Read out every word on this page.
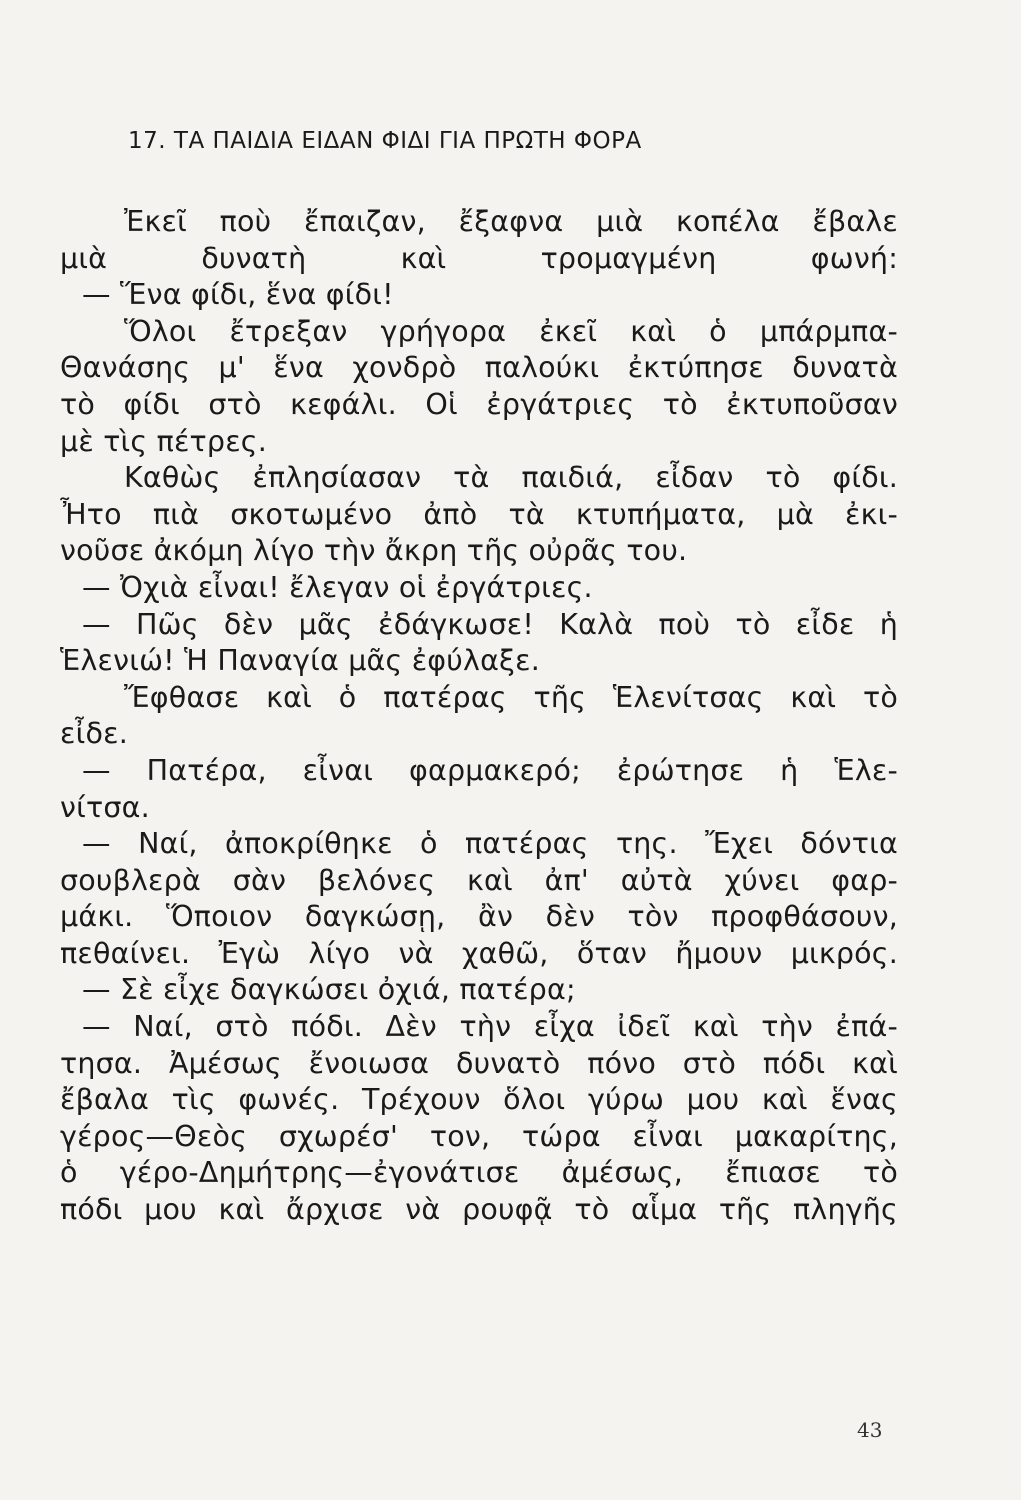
17. ΤΑ ΠΑΙΔΙΑ ΕΙΔΑΝ ΦΙΔΙ ΓΙΑ ΠΡΩΤΗ ΦΟΡΑ
Ἐκεῖ ποὺ ἔπαιζαν, ἔξαφνα μιὰ κοπέλα ἔβαλε
μιὰ δυνατὴ καὶ τρομαγμένη φωνή:
— Ἕνα φίδι, ἕνα φίδι!
Ὅλοι ἔτρεξαν γρήγορα ἐκεῖ καὶ ὁ μπάρμπα-
Θανάσης μ' ἕνα χονδρὸ παλούκι ἐκτύπησε δυνατὰ
τὸ φίδι στὸ κεφάλι. Οἱ ἐργάτριες τὸ ἐκτυποῦσαν
μὲ τὶς πέτρες.
Καθὼς ἐπλησίασαν τὰ παιδιά, εἶδαν τὸ φίδι.
Ἦτο πιὰ σκοτωμένο ἀπὸ τὰ κτυπήματα, μὰ ἐκι-
νοῦσε ἀκόμη λίγο τὴν ἄκρη τῆς οὐρᾶς του.
— Ὀχιὰ εἶναι! ἔλεγαν οἱ ἐργάτριες.
— Πῶς δὲν μᾶς ἐδάγκωσε! Καλὰ ποὺ τὸ εἶδε ἡ
Ἑλενιώ! Ἡ Παναγία μᾶς ἐφύλαξε.
Ἔφθασε καὶ ὁ πατέρας τῆς Ἑλενίτσας καὶ τὸ
εἶδε.
— Πατέρα, εἶναι φαρμακερό; ἐρώτησε ἡ Ἑλε-
νίτσα.
— Ναί, ἀποκρίθηκε ὁ πατέρας της. Ἔχει δόντια
σουβλερὰ σὰν βελόνες καὶ ἀπ' αὐτὰ χύνει φαρ-
μάκι. Ὅποιον δαγκώσῃ, ἂν δὲν τὸν προφθάσουν,
πεθαίνει. Ἐγὼ λίγο νὰ χαθῶ, ὅταν ἤμουν μικρός.
— Σὲ εἶχε δαγκώσει ὀχιά, πατέρα;
— Ναί, στὸ πόδι. Δὲν τὴν εἶχα ἰδεῖ καὶ τὴν ἐπά-
τησα. Ἀμέσως ἔνοιωσα δυνατὸ πόνο στὸ πόδι καὶ
ἔβαλα τὶς φωνές. Τρέχουν ὅλοι γύρω μου καὶ ἕνας
γέρος—Θεὸς σχωρέσ' τον, τώρα εἶναι μακαρίτης,
ὁ γέρο-Δημήτρης—ἐγονάτισε ἀμέσως, ἔπιασε τὸ
πόδι μου καὶ ἄρχισε νὰ ρουφᾷ τὸ αἷμα τῆς πληγῆς
43
